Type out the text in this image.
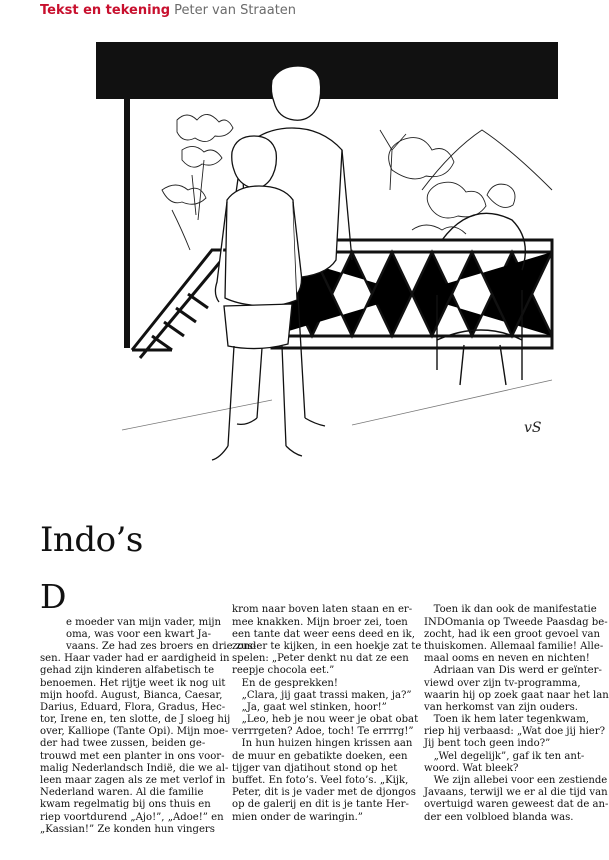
Tekst en tekening Peter van Straaten
vS
Indo’s

D

e moeder van mijn vader, mijn
oma, was voor een kwart Ja-
vaans. Ze had zes broers en drie zus-
sen. Haar vader had er aardigheid in
gehad zijn kinderen alfabetisch te
benoemen. Het rijtje weet ik nog uit
mijn hoofd. August, Bianca, Caesar,
Darius, Eduard, Flora, Gradus, Hec-
tor, Irene en, ten slotte, de J sloeg hij
over, Kalliope (Tante Opi). Mijn moe-
der had twee zussen, beiden ge-
trouwd met een planter in ons voor-
malig Nederlandsch Indië, die we al-
leen maar zagen als ze met verlof in
Nederland waren. Al die familie
kwam regelmatig bij ons thuis en
riep voortdurend „Ajo!”, „Adoe!” en
„Kassian!” Ze konden hun vingers

krom naar boven laten staan en er-
mee knakken. Mijn broer zei, toen
een tante dat weer eens deed en ik,
zonder te kijken, in een hoekje zat te
spelen: „Peter denkt nu dat ze een
reepje chocola eet.”
En de gesprekken!
„Clara, jij gaat trassi maken, ja?”
„Ja, gaat wel stinken, hoor!”
„Leo, heb je nou weer je obat obat
verrrgeten? Adoe, toch! Te errrrg!”
In hun huizen hingen krissen aan
de muur en gebatikte doeken, een
tijger van djatihout stond op het
buffet. En foto’s. Veel foto’s. „Kijk,
Peter, dit is je vader met de djongos
op de galerij en dit is je tante Her-
mien onder de waringin.”

Toen ik dan ook de manifestatie
INDOmania op Tweede Paasdag be-
zocht, had ik een groot gevoel van
thuiskomen. Allemaal familie! Alle-
maal ooms en neven en nichten!
Adriaan van Dis werd er geïnter-
viewd over zijn tv-programma,
waarin hij op zoek gaat naar het lan
van herkomst van zijn ouders.
Toen ik hem later tegenkwam,
riep hij verbaasd: „Wat doe jij hier?
Jij bent toch geen indo?”
„Wel degelijk”, gaf ik ten ant-
woord. Wat bleek?
We zijn allebei voor een zestiende
Javaans, terwijl we er al die tijd van
overtuigd waren geweest dat de an-
der een volbloed blanda was.
